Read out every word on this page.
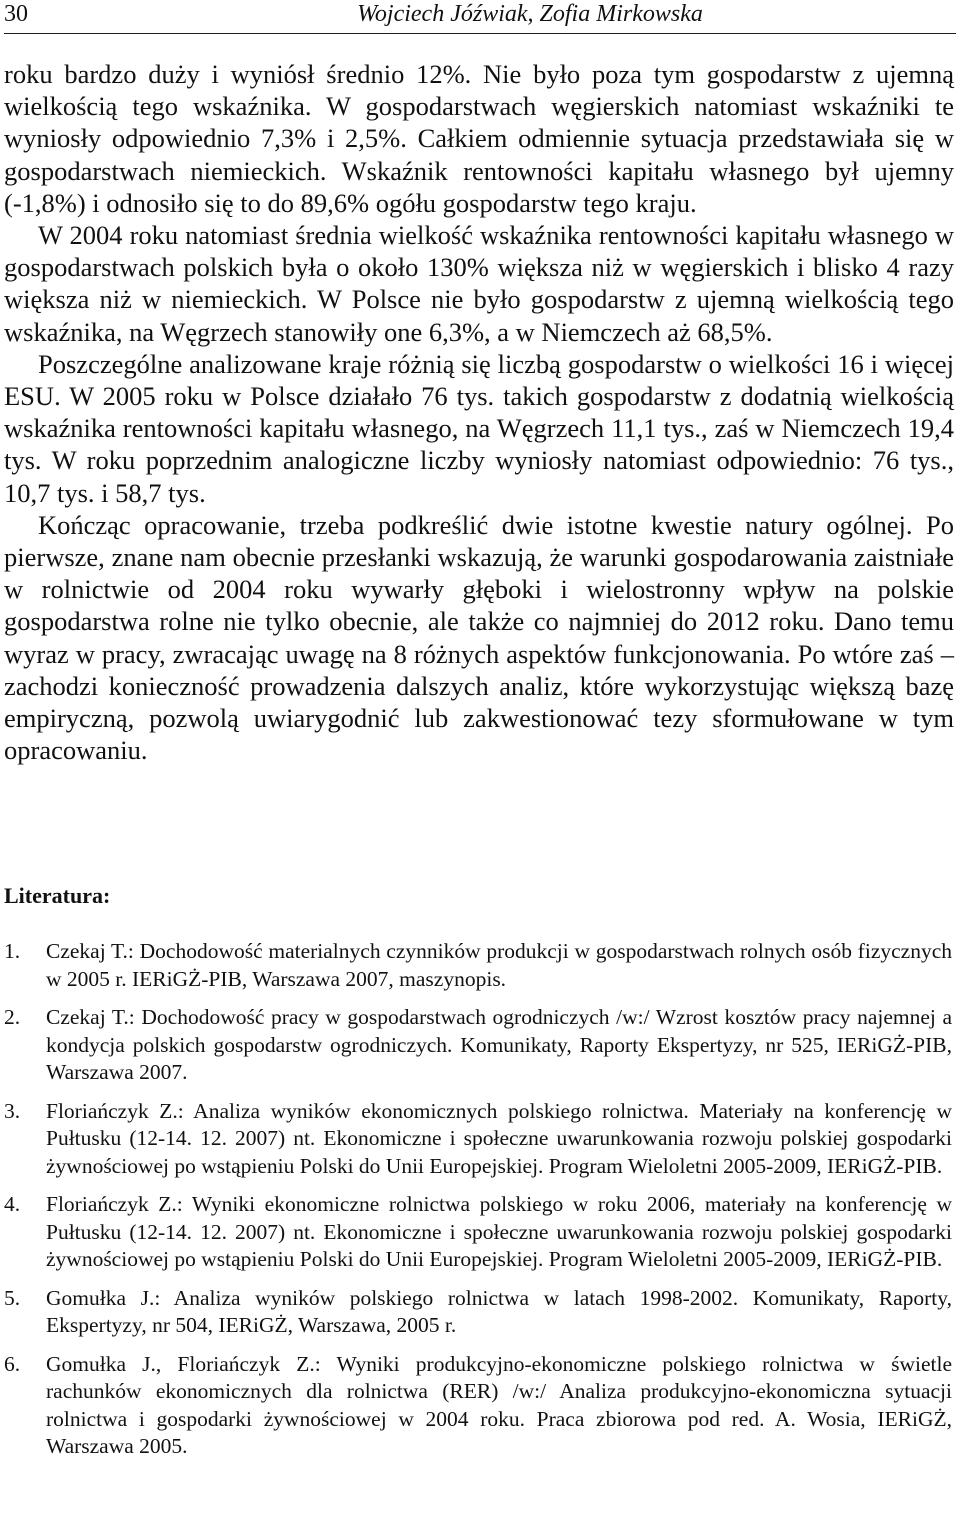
30	Wojciech Jóźwiak, Zofia Mirkowska

roku bardzo duży i wyniósł średnio 12%. Nie było poza tym gospodarstw z ujemną wielkością tego wskaźnika. W gospodarstwach węgierskich natomiast wskaźniki te wyniosły odpowiednio 7,3% i 2,5%. Całkiem odmiennie sytuacja przedstawiała się w gospodarstwach niemieckich. Wskaźnik rentowności kapitału własnego był ujemny (-1,8%) i odnosiło się to do 89,6% ogółu gospodarstw tego kraju.

W 2004 roku natomiast średnia wielkość wskaźnika rentowności kapitału własnego w gospodarstwach polskich była o około 130% większa niż w węgierskich i blisko 4 razy większa niż w niemieckich. W Polsce nie było gospodarstw z ujemną wielkością tego wskaźnika, na Węgrzech stanowiły one 6,3%, a w Niemczech aż 68,5%.

Poszczególne analizowane kraje różnią się liczbą gospodarstw o wielkości 16 i więcej ESU. W 2005 roku w Polsce działało 76 tys. takich gospodarstw z dodatnią wielkością wskaźnika rentowności kapitału własnego, na Węgrzech 11,1 tys., zaś w Niemczech 19,4 tys. W roku poprzednim analogiczne liczby wyniosły natomiast odpowiednio: 76 tys., 10,7 tys. i 58,7 tys.

Kończąc opracowanie, trzeba podkreślić dwie istotne kwestie natury ogólnej. Po pierwsze, znane nam obecnie przesłanki wskazują, że warunki gospodarowania zaistniałe w rolnictwie od 2004 roku wywarły głęboki i wielostronny wpływ na polskie gospodarstwa rolne nie tylko obecnie, ale także co najmniej do 2012 roku. Dano temu wyraz w pracy, zwracając uwagę na 8 różnych aspektów funkcjonowania. Po wtóre zaś – zachodzi konieczność prowadzenia dalszych analiz, które wykorzystując większą bazę empiryczną, pozwolą uwiarygodnić lub zakwestionować tezy sformułowane w tym opracowaniu.

Literatura:
1. Czekaj T.: Dochodowość materialnych czynników produkcji w gospodarstwach rolnych osób fizycznych w 2005 r. IERiGŻ-PIB, Warszawa 2007, maszynopis.
2. Czekaj T.: Dochodowość pracy w gospodarstwach ogrodniczych /w:/ Wzrost kosztów pracy najemnej a kondycja polskich gospodarstw ogrodniczych. Komunikaty, Raporty Ekspertyzy, nr 525, IERiGŻ-PIB, Warszawa 2007.
3. Floriańczyk Z.: Analiza wyników ekonomicznych polskiego rolnictwa. Materiały na konferencję w Pułtusku (12-14. 12. 2007) nt. Ekonomiczne i społeczne uwarunkowania rozwoju polskiej gospodarki żywnościowej po wstąpieniu Polski do Unii Europejskiej. Program Wieloletni 2005-2009, IERiGŻ-PIB.
4. Floriańczyk Z.: Wyniki ekonomiczne rolnictwa polskiego w roku 2006, materiały na konferencję w Pułtusku (12-14. 12. 2007) nt. Ekonomiczne i społeczne uwarunkowania rozwoju polskiej gospodarki żywnościowej po wstąpieniu Polski do Unii Europejskiej. Program Wieloletni 2005-2009, IERiGŻ-PIB.
5. Gomułka J.: Analiza wyników polskiego rolnictwa w latach 1998-2002. Komunikaty, Raporty, Ekspertyzy, nr 504, IERiGŻ, Warszawa, 2005 r.
6. Gomułka J., Floriańczyk Z.: Wyniki produkcyjno-ekonomiczne polskiego rolnictwa w świetle rachunków ekonomicznych dla rolnictwa (RER) /w:/ Analiza produkcyjno-ekonomiczna sytuacji rolnictwa i gospodarki żywnościowej w 2004 roku. Praca zbiorowa pod red. A. Wosia, IERiGŻ, Warszawa 2005.
